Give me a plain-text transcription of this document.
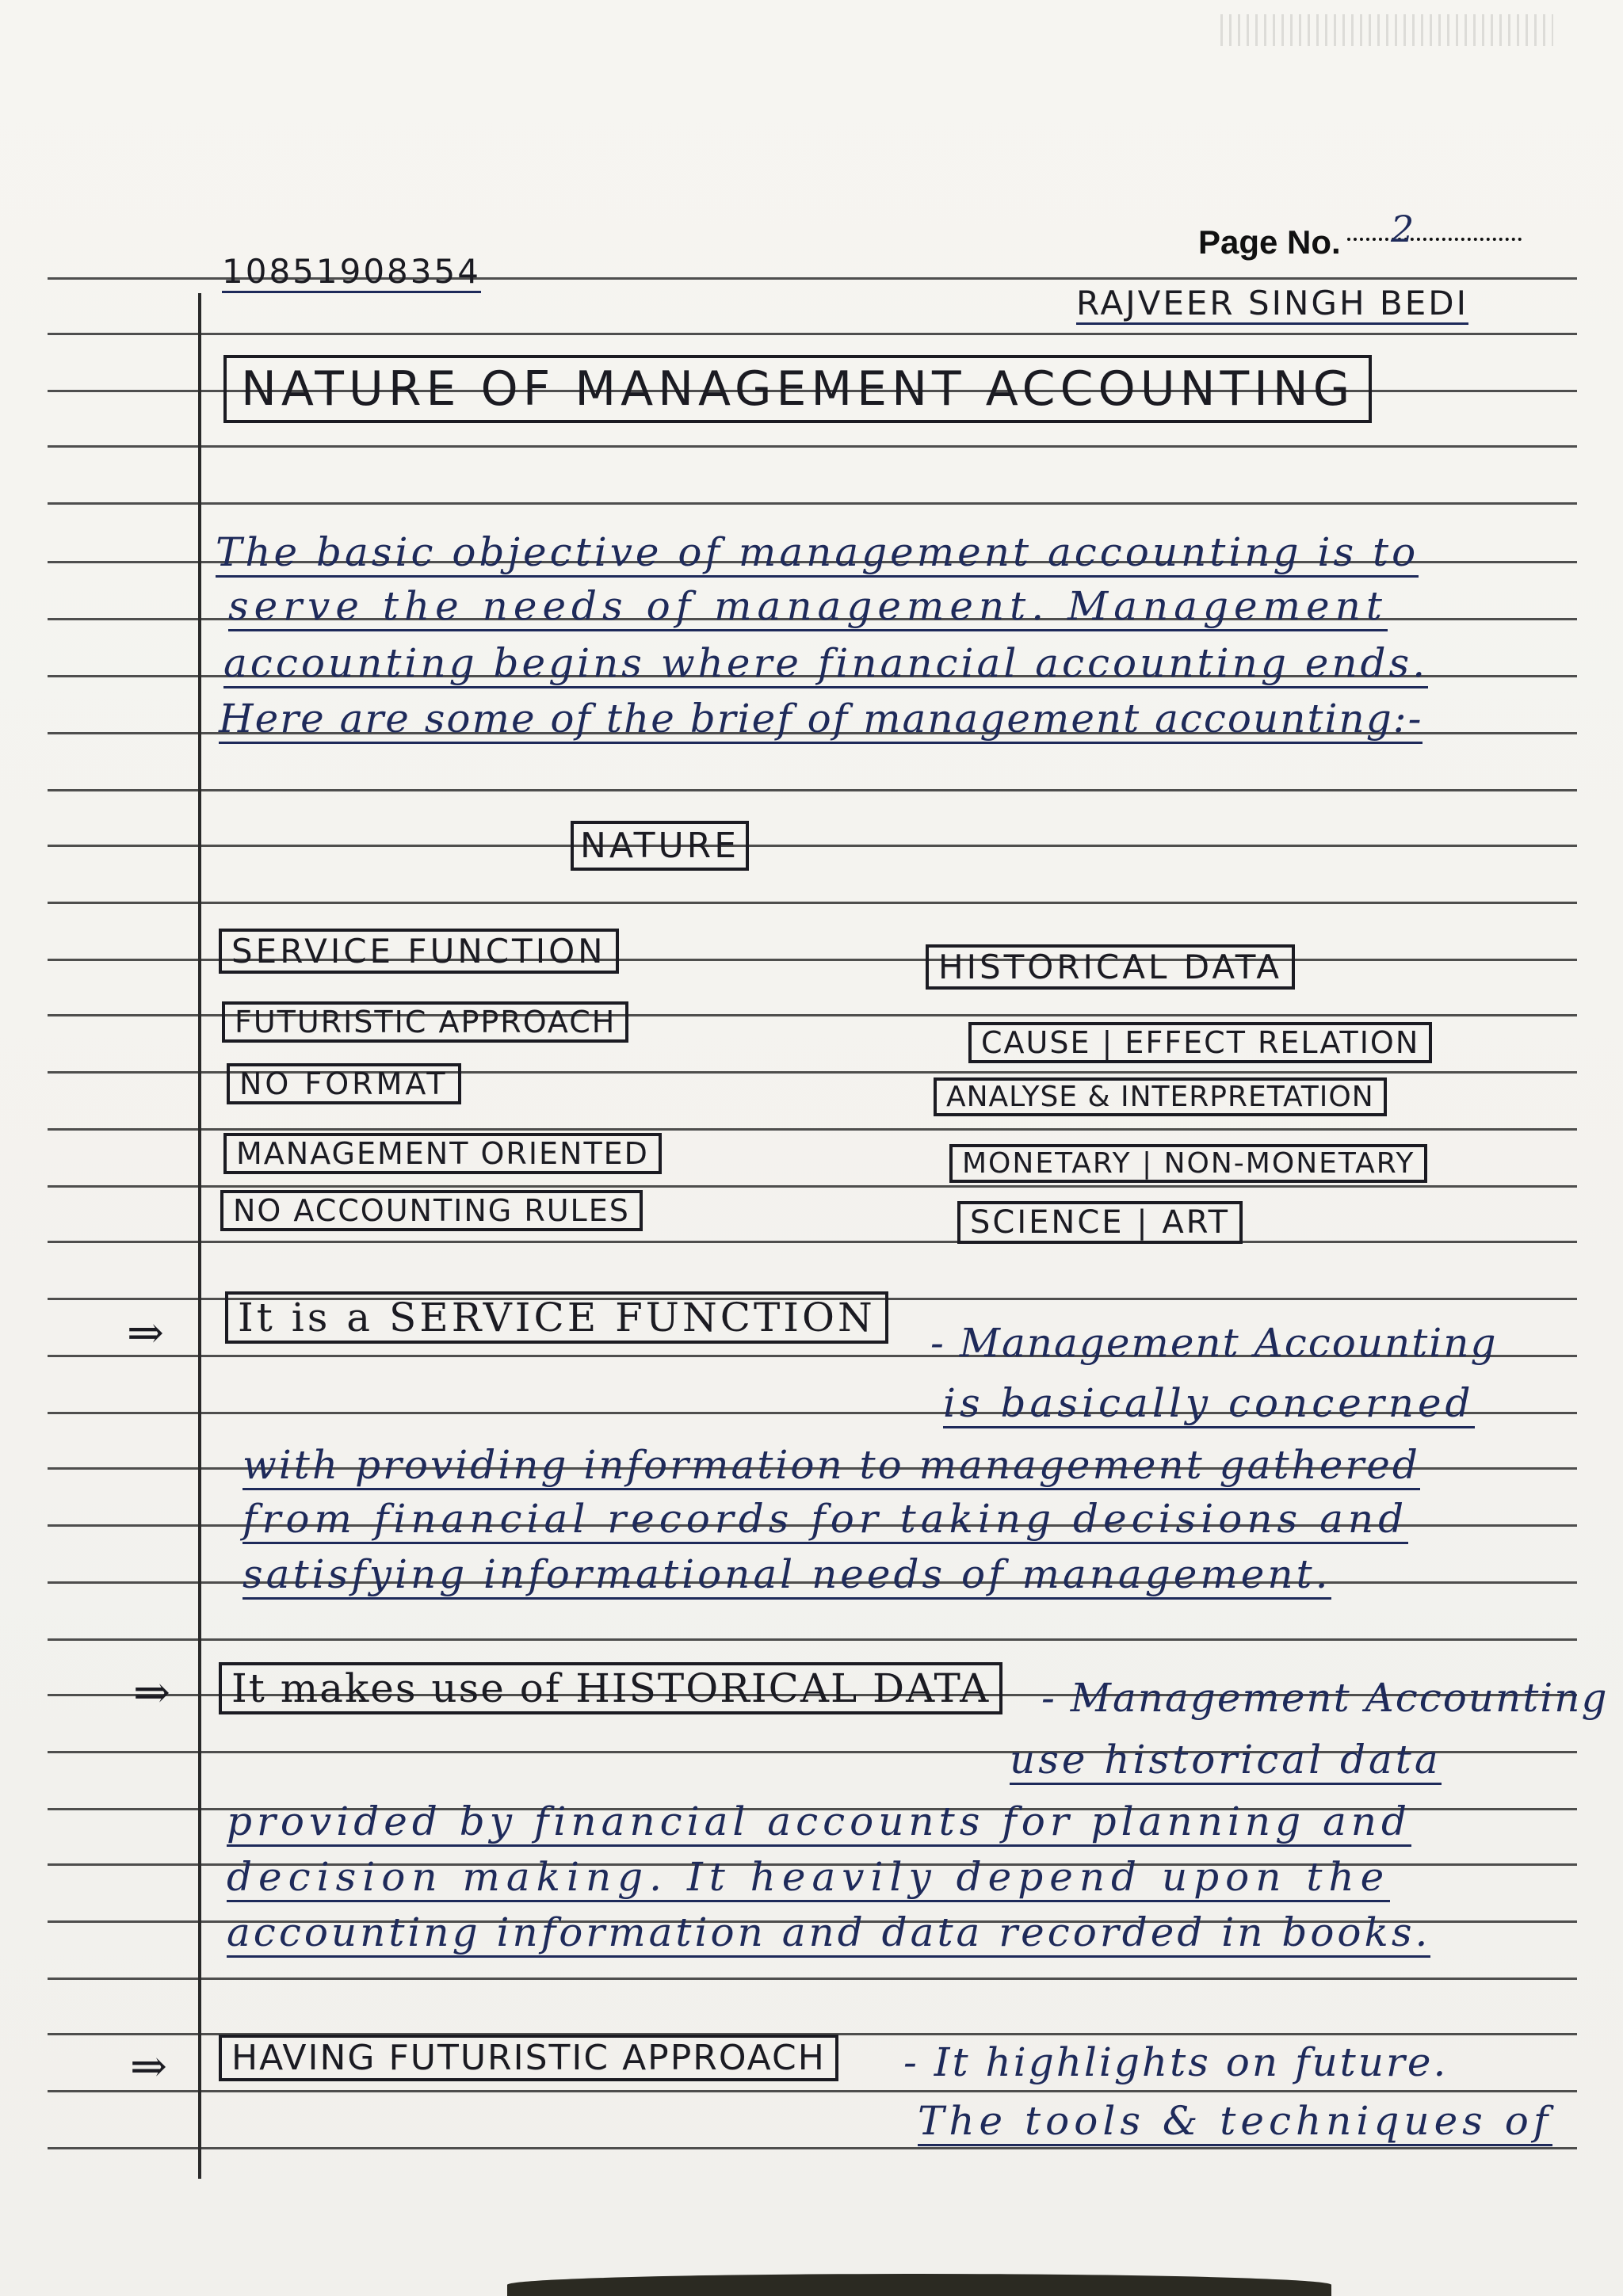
Page No. 2
10851908354
RAJVEER SINGH BEDI
NATURE OF MANAGEMENT ACCOUNTING
The basic objective of management accounting is to
serve the needs of management. Management
accounting begins where financial accounting ends.
Here are some of the brief of management accounting:-
NATURE
SERVICE FUNCTION
FUTURISTIC APPROACH
NO FORMAT
MANAGEMENT ORIENTED
NO ACCOUNTING RULES
HISTORICAL DATA
CAUSE | EFFECT RELATION
ANALYSE & INTERPRETATION
MONETARY | NON-MONETARY
SCIENCE | ART
⇒	It is a SERVICE FUNCTION
- Management Accounting
is basically concerned
with providing information to management gathered
from financial records for taking decisions and
satisfying informational needs of management.
⇒	It makes use of HISTORICAL DATA	- Management Accounting
use historical data
provided by financial accounts for planning and
decision making. It heavily depend upon the
accounting information and data recorded in books.
⇒	HAVING FUTURISTIC APPROACH	- It highlights on future.
The tools & techniques of
